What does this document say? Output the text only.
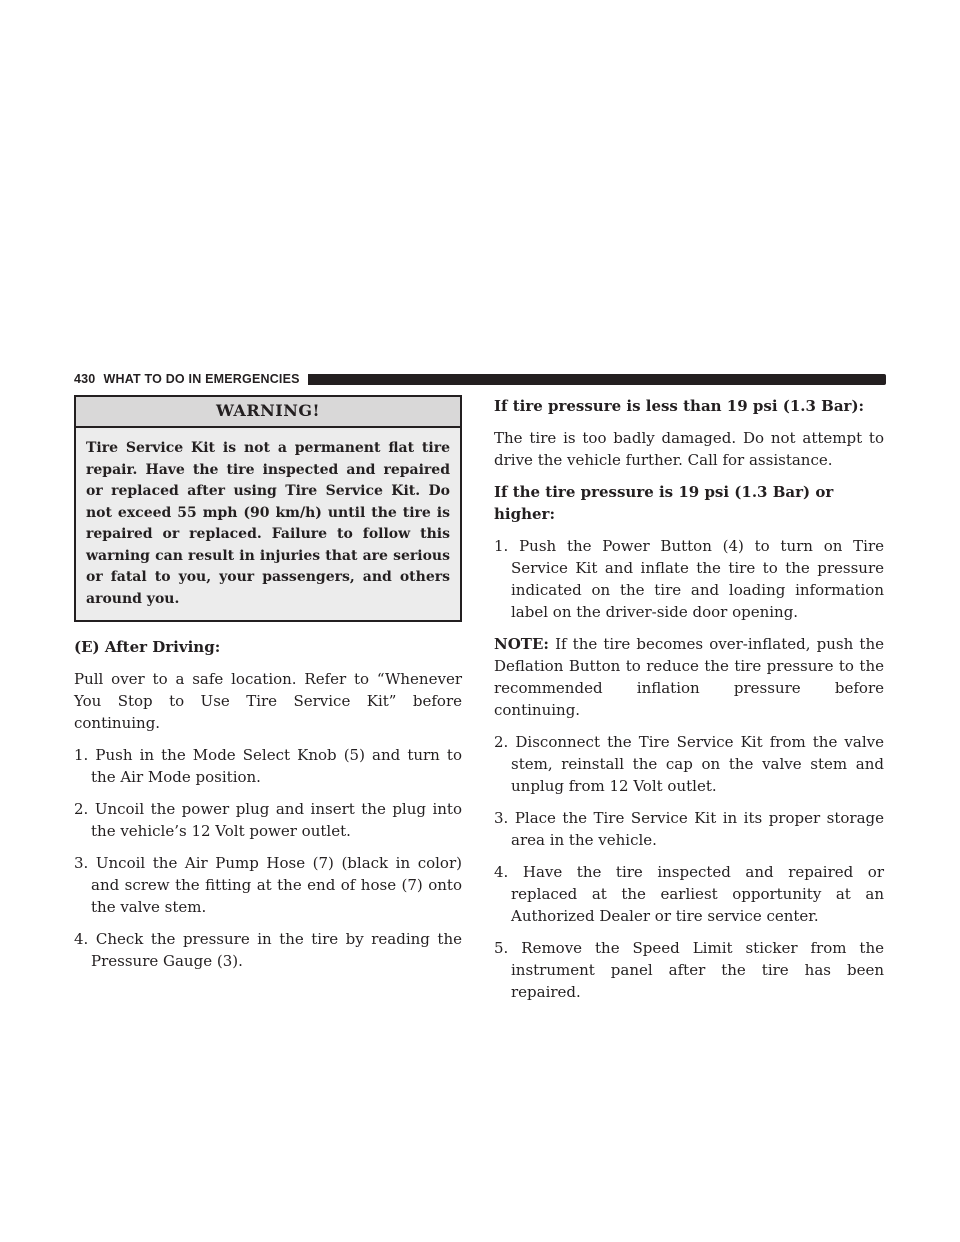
430 WHAT TO DO IN EMERGENCIES
WARNING!
Tire Service Kit is not a permanent flat tire repair. Have the tire inspected and repaired or replaced after using Tire Service Kit. Do not exceed 55 mph (90 km/h) until the tire is repaired or replaced. Failure to follow this warning can result in injuries that are serious or fatal to you, your passengers, and others around you.

(E) After Driving:

Pull over to a safe location. Refer to “Whenever You Stop to Use Tire Service Kit” before continuing.

1. Push in the Mode Select Knob (5) and turn to the Air Mode position.
2. Uncoil the power plug and insert the plug into the vehicle’s 12 Volt power outlet.
3. Uncoil the Air Pump Hose (7) (black in color) and screw the fitting at the end of hose (7) onto the valve stem.
4. Check the pressure in the tire by reading the Pressure Gauge (3).

If tire pressure is less than 19 psi (1.3 Bar):

The tire is too badly damaged. Do not attempt to drive the vehicle further. Call for assistance.

If the tire pressure is 19 psi (1.3 Bar) or higher:

1. Push the Power Button (4) to turn on Tire Service Kit and inflate the tire to the pressure indicated on the tire and loading information label on the driver-side door opening.

NOTE: If the tire becomes over-inflated, push the Deflation Button to reduce the tire pressure to the recommended inflation pressure before continuing.

2. Disconnect the Tire Service Kit from the valve stem, reinstall the cap on the valve stem and unplug from 12 Volt outlet.
3. Place the Tire Service Kit in its proper storage area in the vehicle.
4. Have the tire inspected and repaired or replaced at the earliest opportunity at an Authorized Dealer or tire service center.
5. Remove the Speed Limit sticker from the instrument panel after the tire has been repaired.
